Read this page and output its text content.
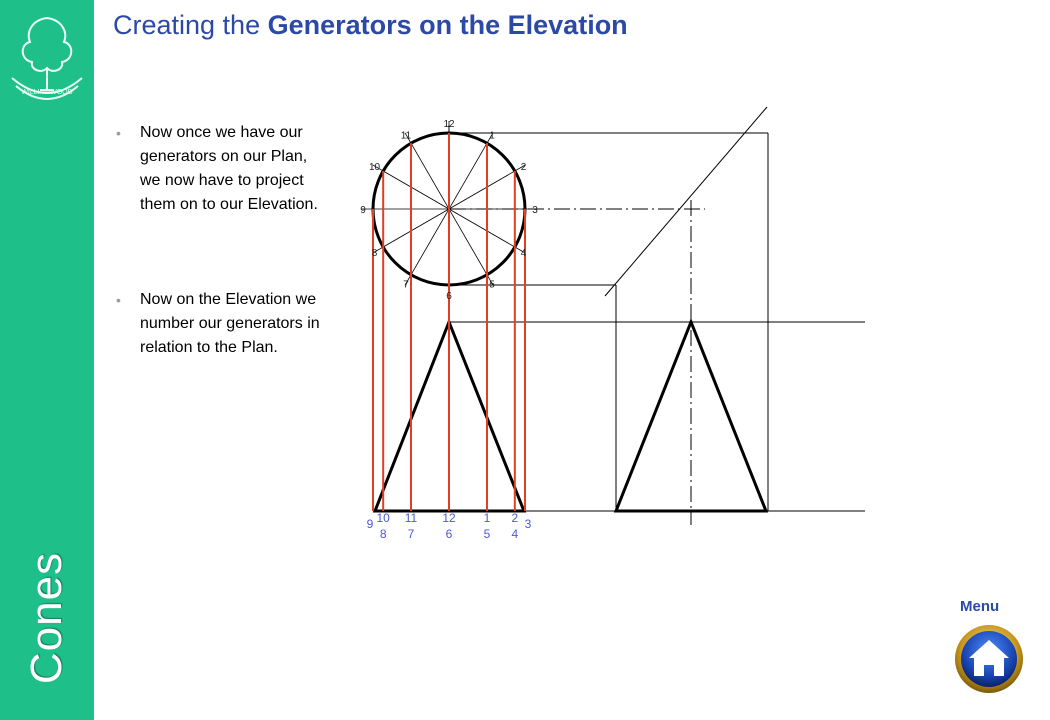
WILLIAMWOOD
Cones
Creating the Generators on the Elevation
• Now once we have our generators on our Plan, we now have to project them on to our Elevation.
• Now on the Elevation we number our generators in relation to the Plan.
1
2
3
4
5
6
7
8
9
10
11
12
10 11 12 1 2
8 7	6	5 4
9	3
Menu
